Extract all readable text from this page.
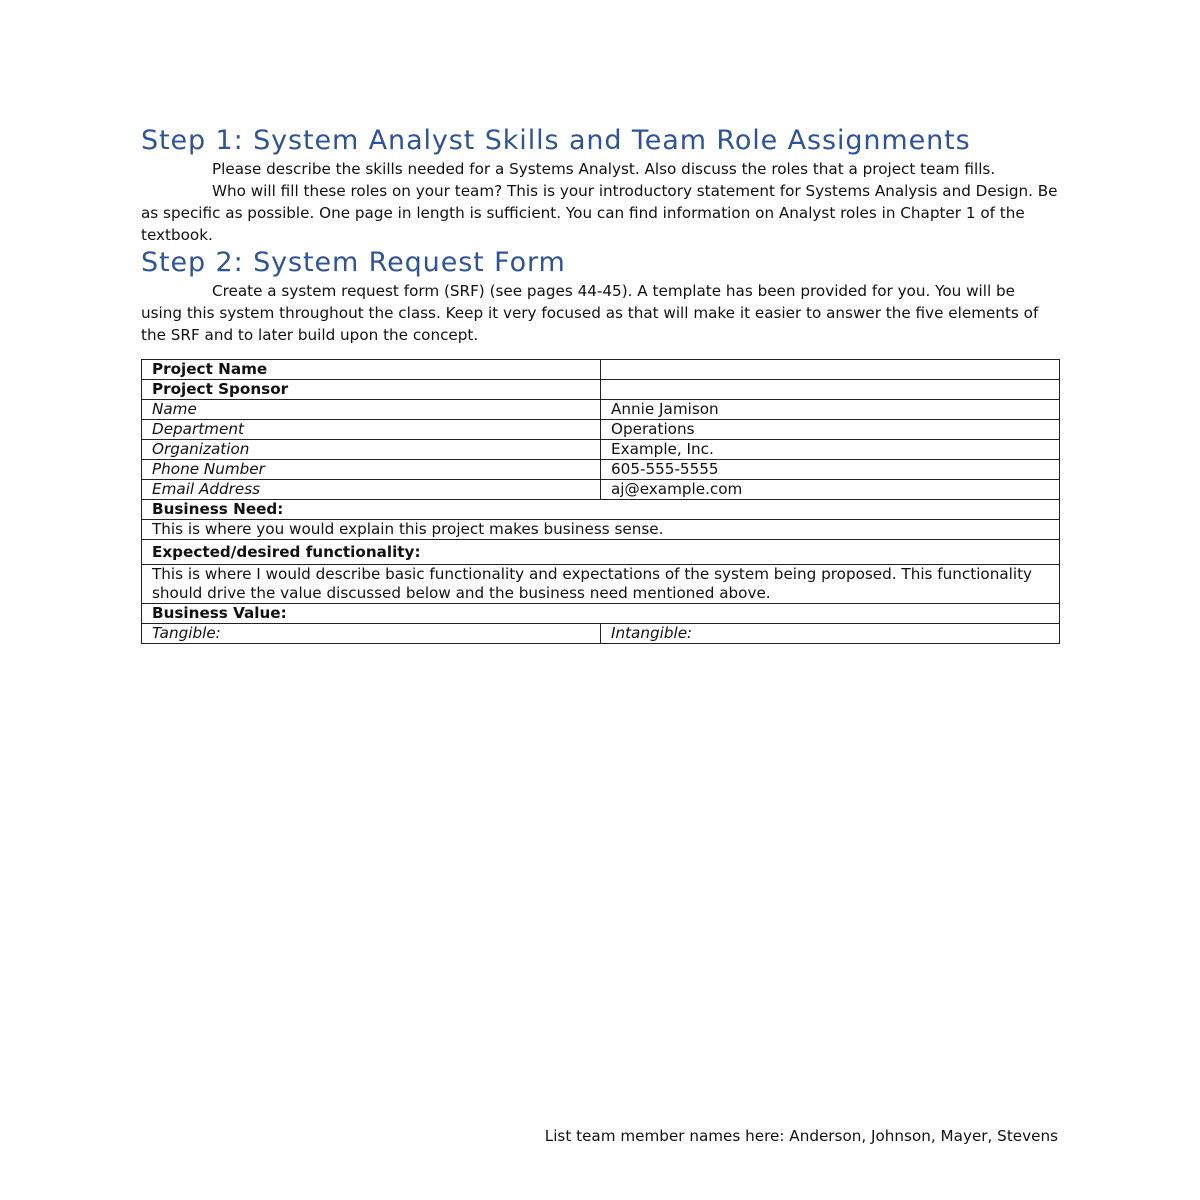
Step 1: System Analyst Skills and Team Role Assignments

Please describe the skills needed for a Systems Analyst. Also discuss the roles that a project team fills.

Who will fill these roles on your team? This is your introductory statement for Systems Analysis and Design. Be as specific as possible. One page in length is sufficient. You can find information on Analyst roles in Chapter 1 of the textbook.

Step 2: System Request Form

Create a system request form (SRF) (see pages 44-45). A template has been provided for you. You will be using this system throughout the class. Keep it very focused as that will make it easier to answer the five elements of the SRF and to later build upon the concept.

Project Name	
Project Sponsor	
Name	Annie Jamison
Department	Operations
Organization	Example, Inc.
Phone Number	605-555-5555
Email Address	aj@example.com
Business Need:	
This is where you would explain this project makes business sense.	
Expected/desired functionality:	
This is where I would describe basic functionality and expectations of the system being proposed. This functionality should drive the value discussed below and the business need mentioned above.	
Business Value:	
Tangible:	Intangible:
List team member names here: Anderson, Johnson, Mayer, Stevens
